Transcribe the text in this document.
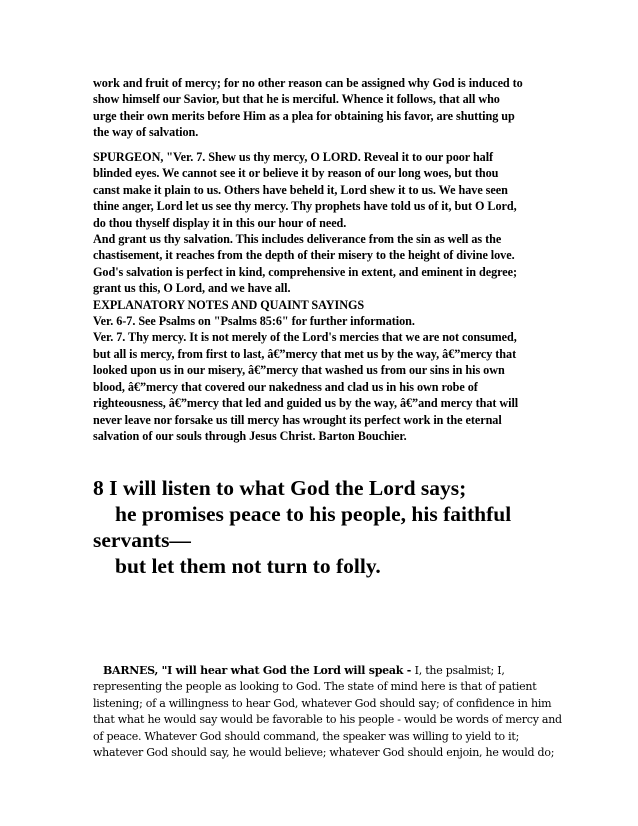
work and fruit of mercy; for no other reason can be assigned why God is induced to

show himself our Savior, but that he is merciful. Whence it follows, that all who

urge their own merits before Him as a plea for obtaining his favor, are shutting up

the way of salvation.

SPURGEON, "Ver. 7. Shew us thy mercy, O LORD. Reveal it to our poor half

blinded eyes. We cannot see it or believe it by reason of our long woes, but thou

canst make it plain to us. Others have beheld it, Lord shew it to us. We have seen

thine anger, Lord let us see thy mercy. Thy prophets have told us of it, but O Lord,

do thou thyself display it in this our hour of need.

And grant us thy salvation. This includes deliverance from the sin as well as the

chastisement, it reaches from the depth of their misery to the height of divine love.

God's salvation is perfect in kind, comprehensive in extent, and eminent in degree;

grant us this, O Lord, and we have all.

EXPLANATORY NOTES AND QUAINT SAYINGS

Ver. 6-7. See Psalms on "Psalms 85:6" for further information.

Ver. 7. Thy mercy. It is not merely of the Lord's mercies that we are not consumed,

but all is mercy, from first to last, â€”mercy that met us by the way, â€”mercy that

looked upon us in our misery, â€”mercy that washed us from our sins in his own

blood, â€”mercy that covered our nakedness and clad us in his own robe of

righteousness, â€”mercy that led and guided us by the way, â€”and mercy that will

never leave nor forsake us till mercy has wrought its perfect work in the eternal

salvation of our souls through Jesus Christ. Barton Bouchier.

8 I will listen to what God the Lord says;

he promises peace to his people, his faithful

servants—

but let them not turn to folly.

BARNES, "I will hear what God the Lord will speak - I, the psalmist; I,

representing the people as looking to God. The state of mind here is that of patient

listening; of a willingness to hear God, whatever God should say; of confidence in him

that what he would say would be favorable to his people - would be words of mercy and

of peace. Whatever God should command, the speaker was willing to yield to it;

whatever God should say, he would believe; whatever God should enjoin, he would do;
